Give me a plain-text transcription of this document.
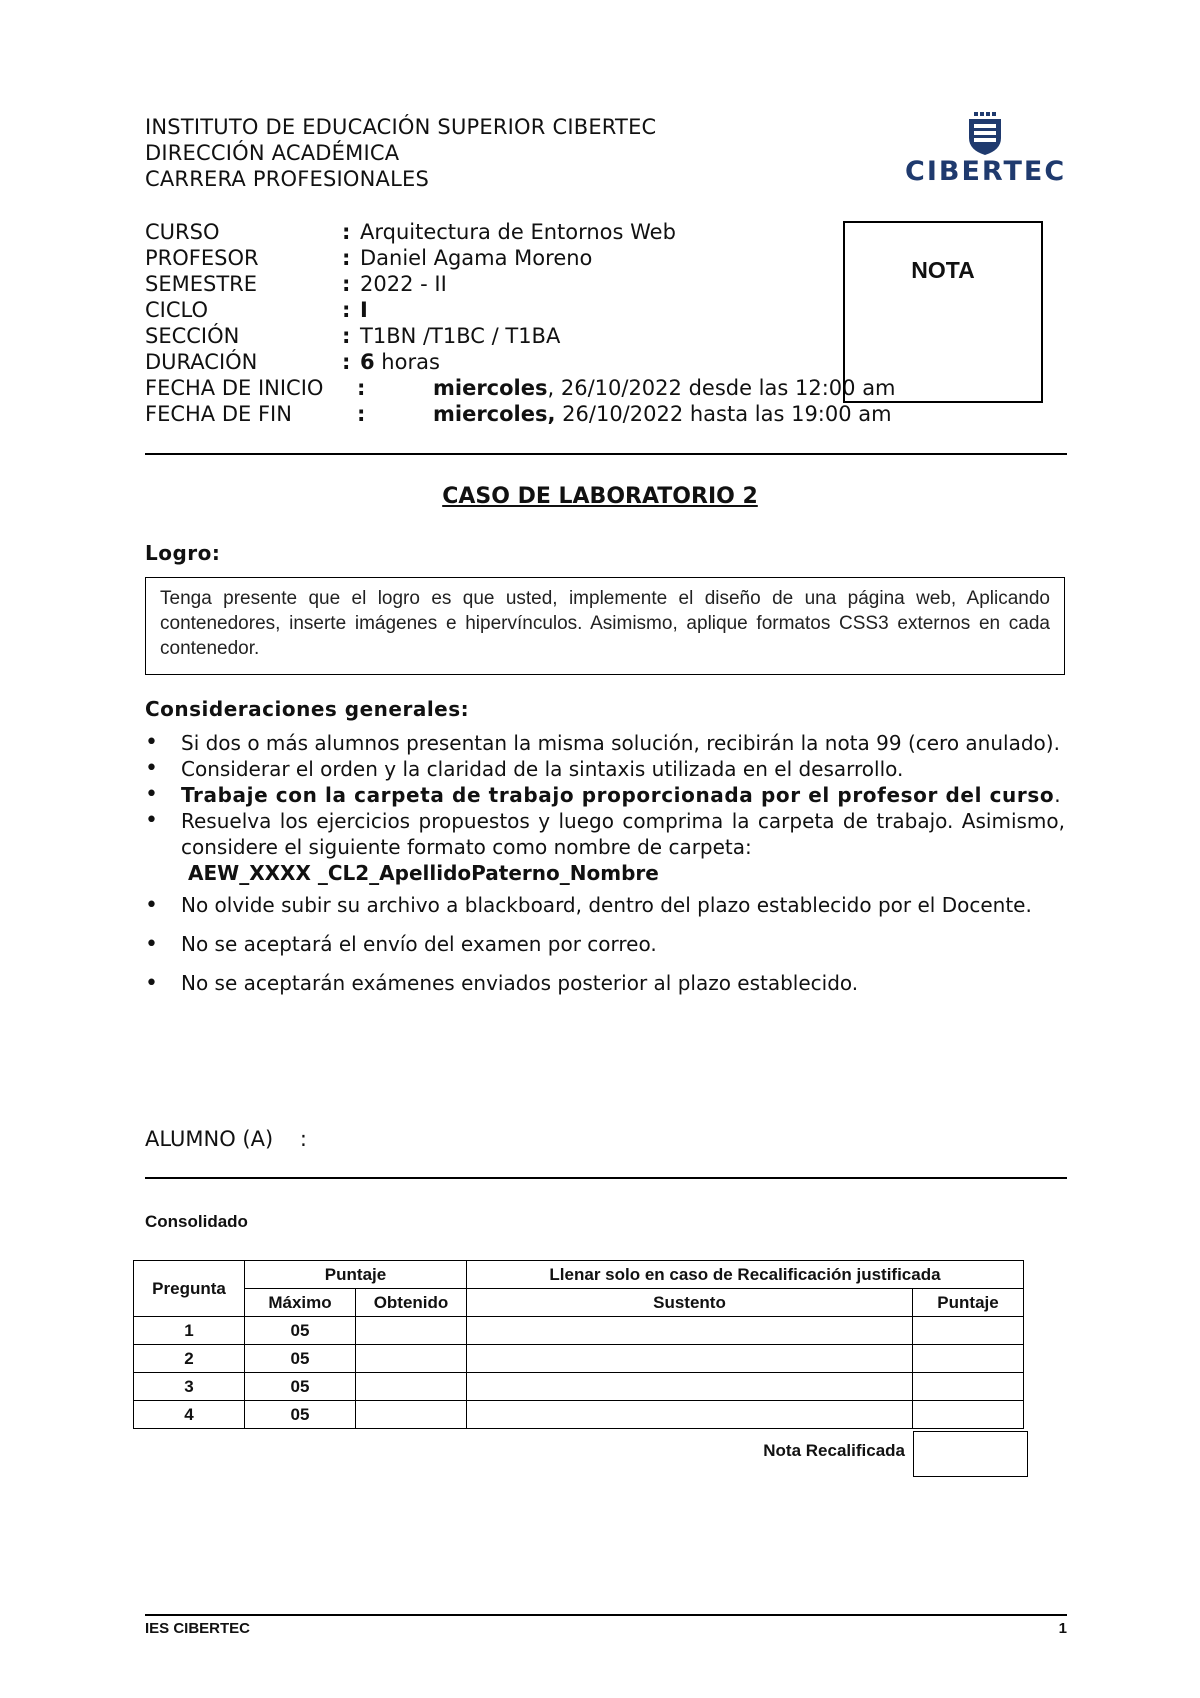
INSTITUTO DE EDUCACIÓN SUPERIOR CIBERTEC
DIRECCIÓN ACADÉMICA
CARRERA PROFESIONALES	CIBERTEC
CURSO	: Arquitectura de Entornos Web
PROFESOR	: Daniel Agama Moreno
SEMESTRE	: 2022 - II
CICLO	: I
SECCIÓN	: T1BN /T1BC / T1BA
DURACIÓN	: 6 horas
FECHA DE INICIO :	miercoles, 26/10/2022 desde las 12:00 am
FECHA DE FIN	:	miercoles, 26/10/2022 hasta las 19:00 am
NOTA
CASO DE LABORATORIO 2
Logro:
Tenga presente que el logro es que usted, implemente el diseño de una página web, Aplicando contenedores, inserte imágenes e hipervínculos. Asimismo, aplique formatos CSS3 externos en cada contenedor.
Consideraciones generales:
• Si dos o más alumnos presentan la misma solución, recibirán la nota 99 (cero anulado).
• Considerar el orden y la claridad de la sintaxis utilizada en el desarrollo.
• Trabaje con la carpeta de trabajo proporcionada por el profesor del curso.
• Resuelva los ejercicios propuestos y luego comprima la carpeta de trabajo. Asimismo, considere el siguiente formato como nombre de carpeta:
AEW_XXXX _CL2_ApellidoPaterno_Nombre
• No olvide subir su archivo a blackboard, dentro del plazo establecido por el Docente.
• No se aceptará el envío del examen por correo.
• No se aceptarán exámenes enviados posterior al plazo establecido.
ALUMNO (A)    :
Consolidado
Pregunta	Puntaje		Llenar solo en caso de Recalificación justificada	
	Máximo	Obtenido	Sustento	Puntaje
1	05			
2	05			
3	05			
4	05			
Nota Recalificada
IES CIBERTEC	1
